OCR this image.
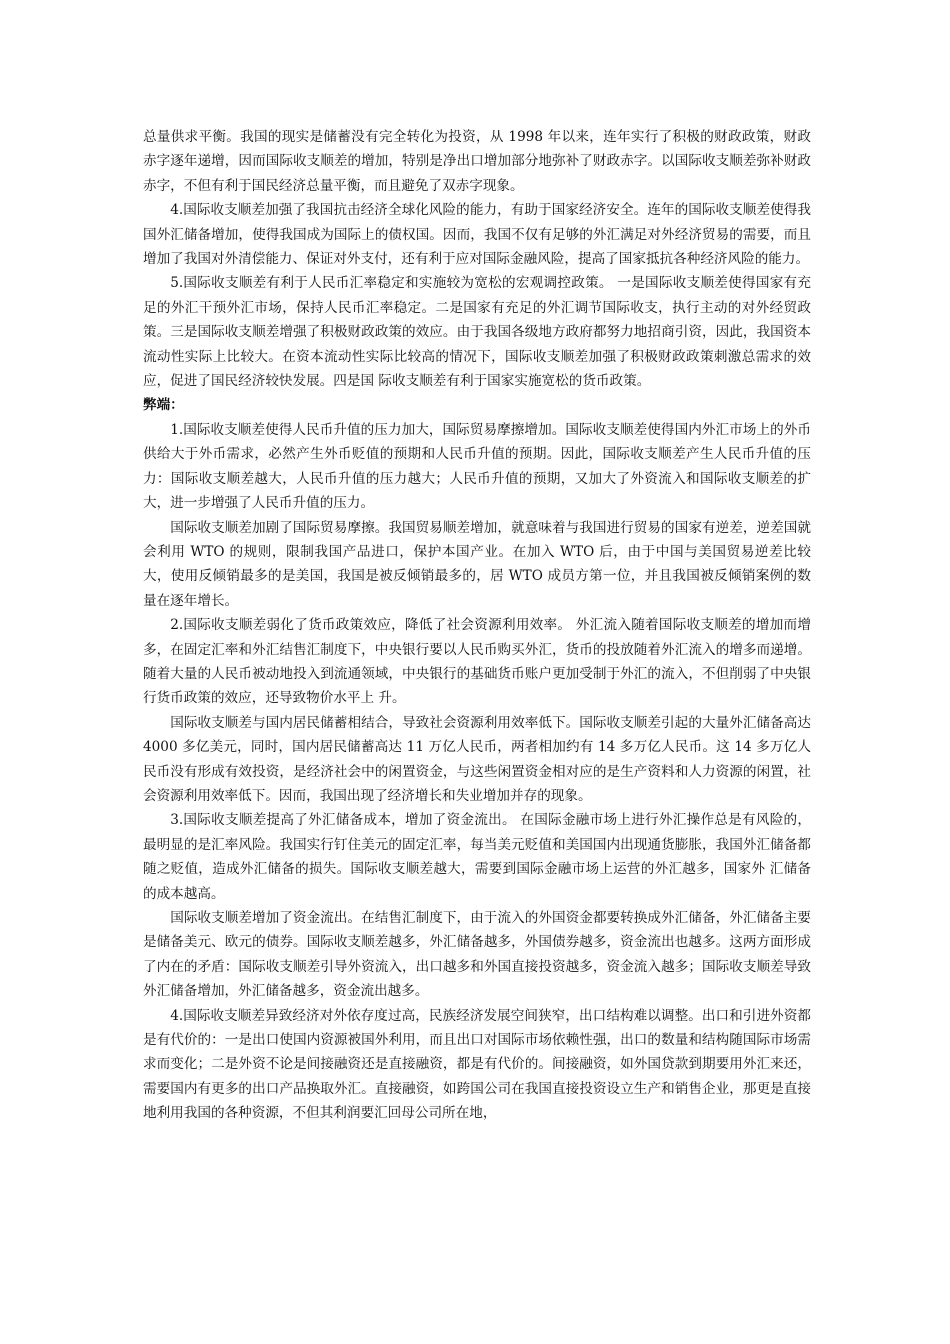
总量供求平衡。我国的现实是储蓄没有完全转化为投资，从 1998 年以来，连年实行了积极的财政政策，财政赤字逐年递增，因而国际收支顺差的增加，特别是净出口增加部分地弥补了财政赤字。以国际收支顺差弥补财政赤字，不但有利于国民经济总量平衡，而且避免了双赤字现象。

4.国际收支顺差加强了我国抗击经济全球化风险的能力，有助于国家经济安全。连年的国际收支顺差使得我国外汇储备增加，使得我国成为国际上的债权国。因而，我国不仅有足够的外汇满足对外经济贸易的需要，而且增加了我国对外清偿能力、保证对外支付，还有利于应对国际金融风险，提高了国家抵抗各种经济风险的能力。

5.国际收支顺差有利于人民币汇率稳定和实施较为宽松的宏观调控政策。 一是国际收支顺差使得国家有充足的外汇干预外汇市场，保持人民币汇率稳定。二是国家有充足的外汇调节国际收支，执行主动的对外经贸政策。三是国际收支顺差增强了积极财政政策的效应。由于我国各级地方政府都努力地招商引资，因此，我国资本流动性实际上比较大。在资本流动性实际比较高的情况下，国际收支顺差加强了积极财政政策刺激总需求的效应，促进了国民经济较快发展。四是国 际收支顺差有利于国家实施宽松的货币政策。

弊端：

1.国际收支顺差使得人民币升值的压力加大，国际贸易摩擦增加。国际收支顺差使得国内外汇市场上的外币供给大于外币需求，必然产生外币贬值的预期和人民币升值的预期。因此，国际收支顺差产生人民币升值的压力：国际收支顺差越大，人民币升值的压力越大；人民币升值的预期，又加大了外资流入和国际收支顺差的扩大，进一步增强了人民币升值的压力。

国际收支顺差加剧了国际贸易摩擦。我国贸易顺差增加，就意味着与我国进行贸易的国家有逆差，逆差国就会利用 WTO 的规则，限制我国产品进口，保护本国产业。在加入 WTO 后，由于中国与美国贸易逆差比较大，使用反倾销最多的是美国，我国是被反倾销最多的，居 WTO 成员方第一位，并且我国被反倾销案例的数量在逐年增长。

2.国际收支顺差弱化了货币政策效应，降低了社会资源利用效率。 外汇流入随着国际收支顺差的增加而增多，在固定汇率和外汇结售汇制度下，中央银行要以人民币购买外汇，货币的投放随着外汇流入的增多而递增。随着大量的人民币被动地投入到流通领域，中央银行的基础货币账户更加受制于外汇的流入，不但削弱了中央银行货币政策的效应，还导致物价水平上 升。

国际收支顺差与国内居民储蓄相结合，导致社会资源利用效率低下。国际收支顺差引起的大量外汇储备高达 4000 多亿美元，同时，国内居民储蓄高达 11 万亿人民币，两者相加约有 14 多万亿人民币。这 14 多万亿人民币没有形成有效投资，是经济社会中的闲置资金，与这些闲置资金相对应的是生产资料和人力资源的闲置，社会资源利用效率低下。因而，我国出现了经济增长和失业增加并存的现象。

3.国际收支顺差提高了外汇储备成本，增加了资金流出。 在国际金融市场上进行外汇操作总是有风险的，最明显的是汇率风险。我国实行钉住美元的固定汇率，每当美元贬值和美国国内出现通货膨胀，我国外汇储备都随之贬值，造成外汇储备的损失。国际收支顺差越大，需要到国际金融市场上运营的外汇越多，国家外 汇储备的成本越高。

国际收支顺差增加了资金流出。在结售汇制度下，由于流入的外国资金都要转换成外汇储备，外汇储备主要是储备美元、欧元的债券。国际收支顺差越多，外汇储备越多，外国债券越多，资金流出也越多。这两方面形成了内在的矛盾：国际收支顺差引导外资流入，出口越多和外国直接投资越多，资金流入越多；国际收支顺差导致外汇储备增加，外汇储备越多，资金流出越多。

4.国际收支顺差异致经济对外依存度过高，民族经济发展空间狭窄，出口结构难以调整。出口和引进外资都是有代价的：一是出口使国内资源被国外利用，而且出口对国际市场依赖性强，出口的数量和结构随国际市场需求而变化；二是外资不论是间接融资还是直接融资，都是有代价的。间接融资，如外国贷款到期要用外汇来还，需要国内有更多的出口产品换取外汇。直接融资，如跨国公司在我国直接投资设立生产和销售企业，那更是直接地利用我国的各种资源，不但其利润要汇回母公司所在地，
